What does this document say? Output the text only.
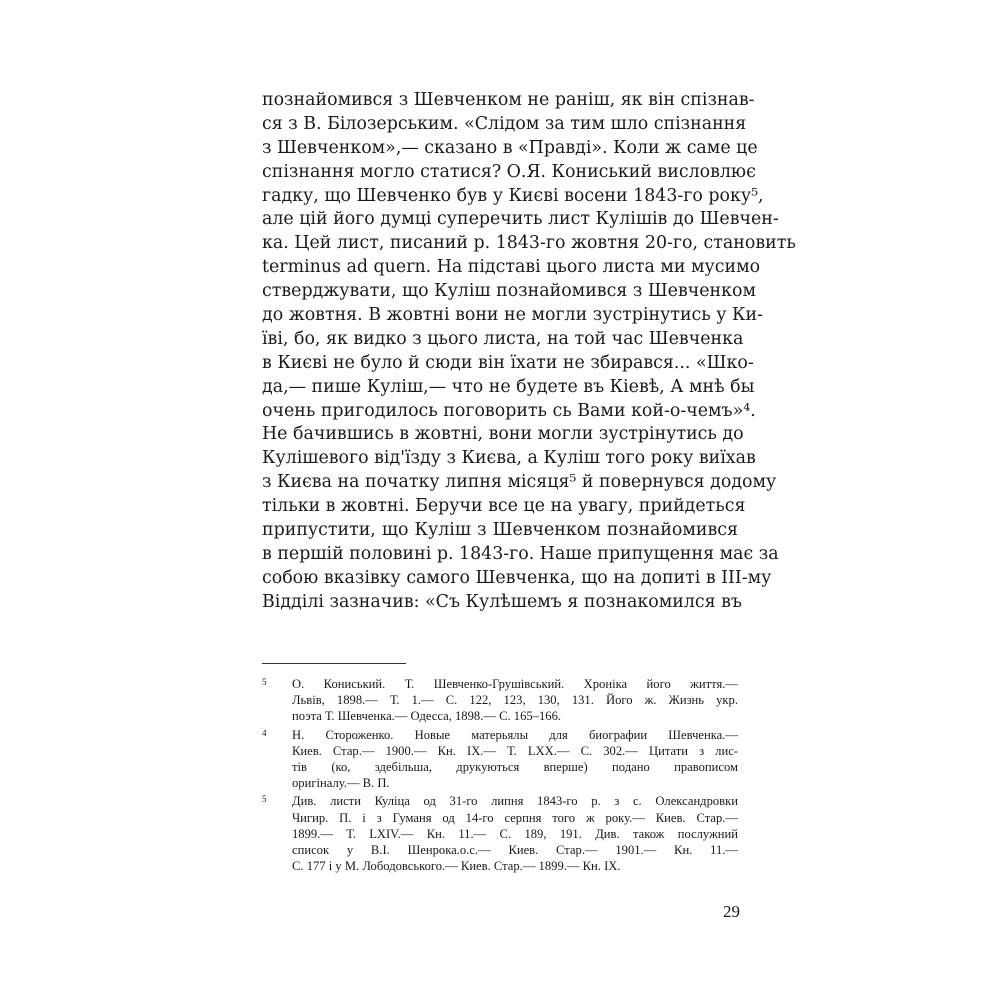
познайомився з Шевченком не раніш, як він спізнав-
ся з В. Білозерським. «Слідом за тим шло спізнання
з Шевченком»,— сказано в «Правді». Коли ж саме це
спізнання могло статися? О.Я. Кониський висловлює
гадку, що Шевченко був у Києві восени 1843-го року⁵,
але цій його думці суперечить лист Кулішів до Шевчен-
ка. Цей лист, писаний р. 1843-го жовтня 20-го, становить
terminus ad quern. На підставі цього листа ми мусимо
стверджувати, що Куліш познайомився з Шевченком
до жовтня. В жовтні вони не могли зустрінутись у Ки-
їві, бо, як видко з цього листа, на той час Шевченка
в Києві не було й сюди він їхати не збирався... «Шко-
да,— пише Куліш,— что не будете въ Кіевѣ, А мнѣ бы
очень пригодилось поговорить сь Вами кой-о-чемъ»⁴.
Не бачившись в жовтні, вони могли зустрінутись до
Кулішевого від'їзду з Києва, а Куліш того року виїхав
з Києва на початку липня місяця⁵ й повернувся додому
тільки в жовтні. Беручи все це на увагу, прийдеться
припустити, що Куліш з Шевченком познайомився
в першій половині р. 1843-го. Наше припущення має за
собою вказівку самого Шевченка, що на допиті в ІІІ-му
Відділі зазначив: «Съ Кулѣшемъ я познакомился въ
5 О. Кониський. Т. Шевченко-Грушівський. Хроніка його життя.—
Львів, 1898.— Т. 1.— С. 122, 123, 130, 131. Його ж. Жизнь укр.
поэта Т. Шевченка.— Одесса, 1898.— С. 165–166.
4 Н. Стороженко. Новые матерьялы для биографии Шевченка.—
Киев. Стар.— 1900.— Кн. IX.— Т. LXX.— С. 302.— Цитати з лис-
тів (ко, здебільша, друкуються вперше) подано правописом
оригіналу.— В. П.
5 Див. листи Куліца од 31-го липня 1843-го р. з с. Олександровки
Чигир. П. і з Гуманя од 14-го серпня того ж року.— Киев. Стар.—
1899.— Т. LXIV.— Кн. 11.— С. 189, 191. Див. також послужний
список у В.І. Шенрока.о.с.— Киев. Стар.— 1901.— Кн. 11.—
С. 177 і у М. Лободовського.— Киев. Стар.— 1899.— Кн. IX.
29
